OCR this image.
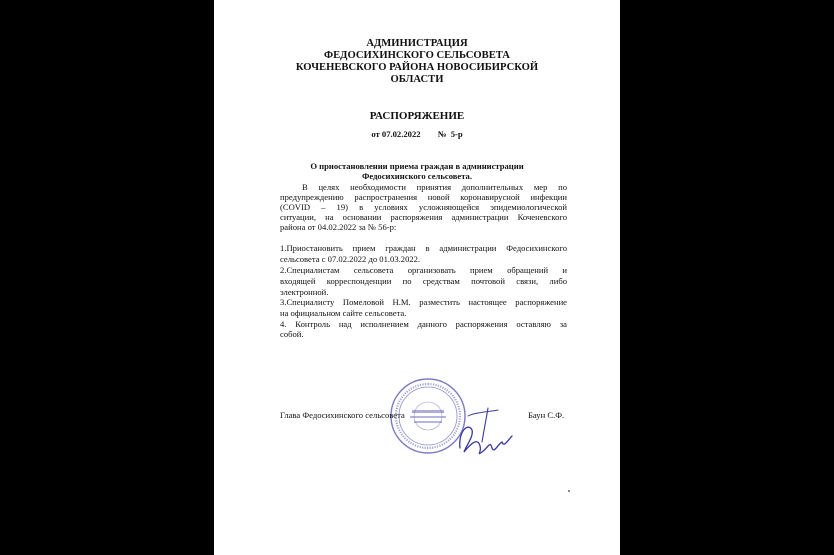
АДМИНИСТРАЦИЯ
ФЕДОСИХИНСКОГО СЕЛЬСОВЕТА
КОЧЕНЕВСКОГО РАЙОНА НОВОСИБИРСКОЙ
ОБЛАСТИ
РАСПОРЯЖЕНИЕ
от 07.02.2022        №  5-р
О приостановлении приема граждан в администрации
Федосихинского сельсовета.
В целях необходимости принятия дополнительных мер по
предупреждению распространения новой коронавирусной инфекции
(COVID – 19) в условиях усложняющейся эпидемиологической
ситуации, на основании распоряжения администрации Коченевского
района от 04.02.2022 за № 56-р:
1.Приостановить прием граждан в администрации Федосихинского
сельсовета с 07.02.2022 до 01.03.2022.
2.Специалистам сельсовета организовать прием обращений и
входящей корреспонденции по средствам почтовой связи, либо
электронной.
3.Специалисту Помеловой Н.М. разместить настоящее распоряжение
на официальном сайте сельсовета.
4. Контроль над исполнением данного распоряжения оставляю за
собой.
Глава Федосихинского сельсовета	Баун С.Ф.
